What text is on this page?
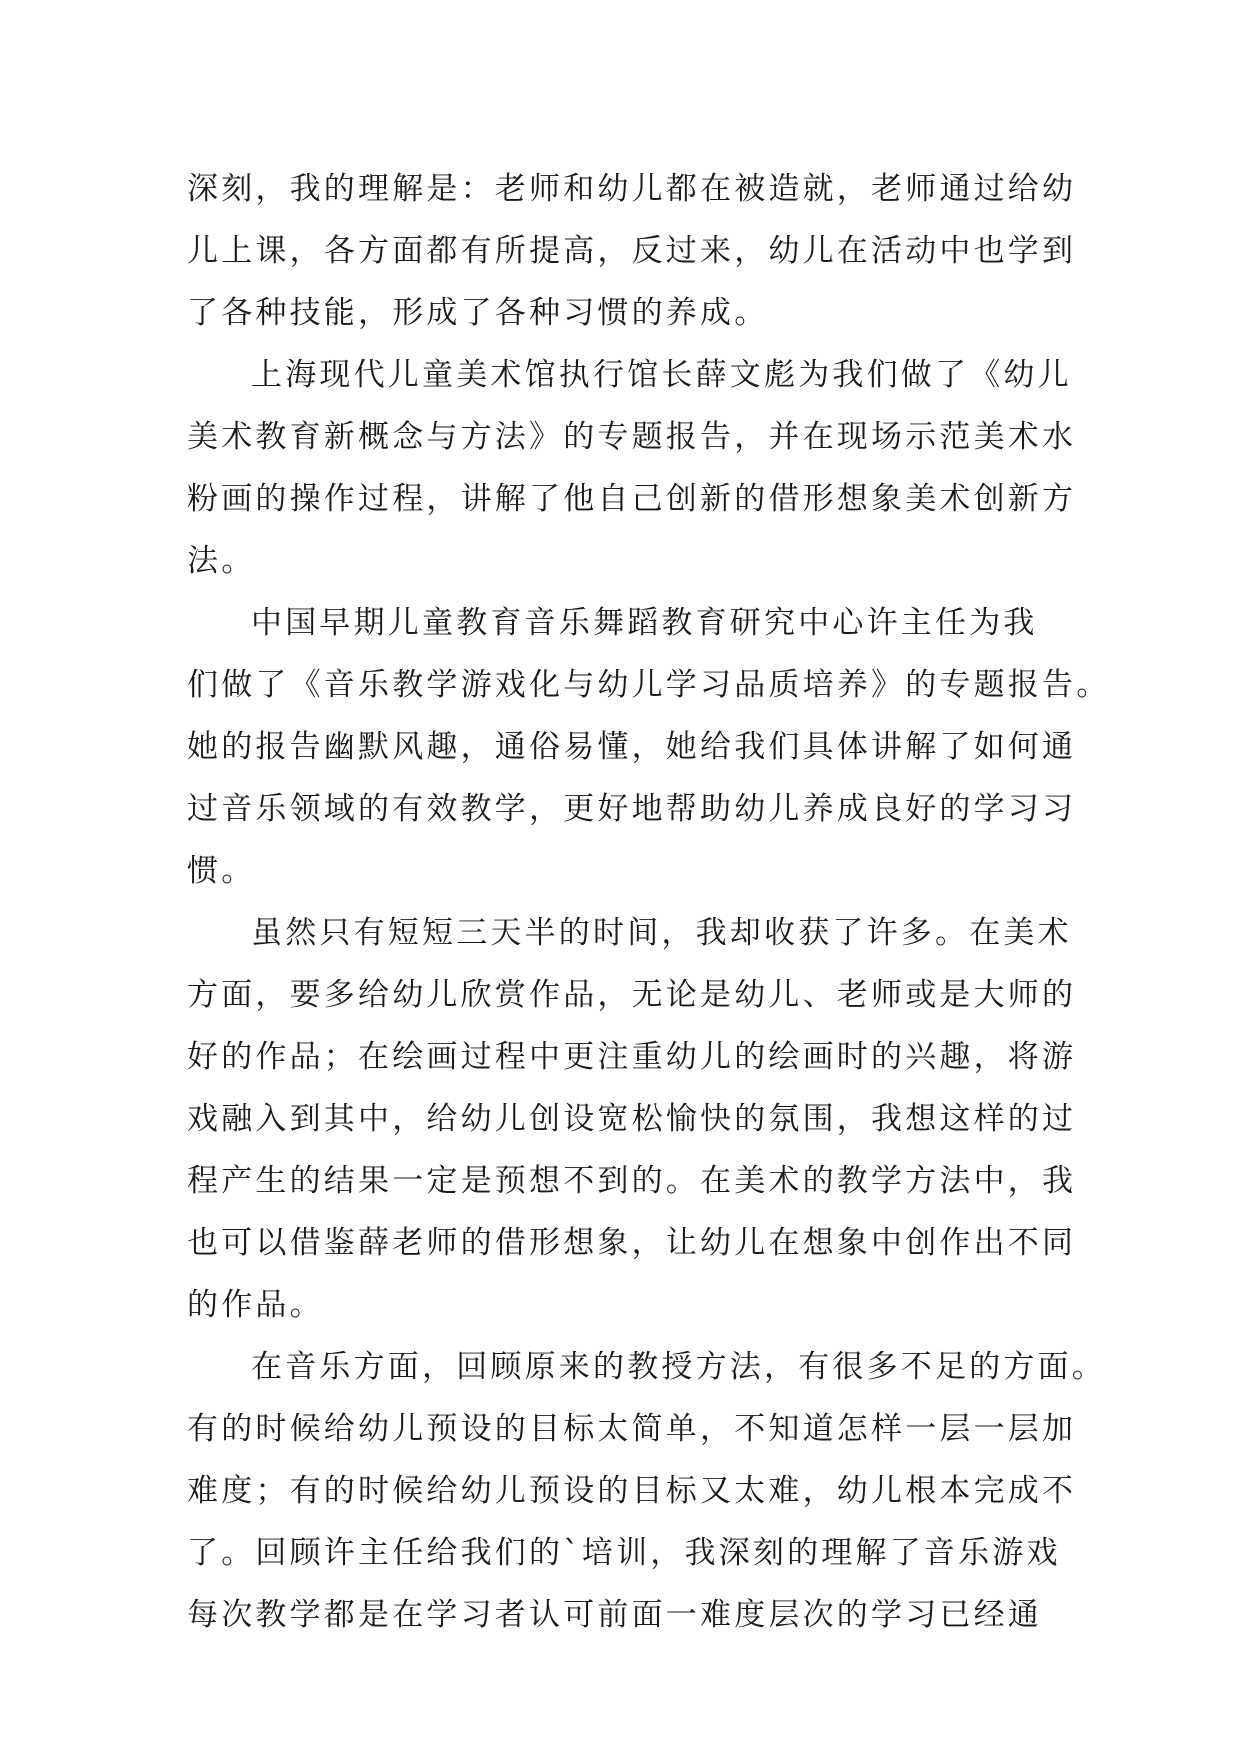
深刻，我的理解是：老师和幼儿都在被造就，老师通过给幼
儿上课，各方面都有所提高，反过来，幼儿在活动中也学到
了各种技能，形成了各种习惯的养成。
上海现代儿童美术馆执行馆长薛文彪为我们做了《幼儿
美术教育新概念与方法》的专题报告，并在现场示范美术水
粉画的操作过程，讲解了他自己创新的借形想象美术创新方
法。
中国早期儿童教育音乐舞蹈教育研究中心许主任为我
们做了《音乐教学游戏化与幼儿学习品质培养》的专题报告。
她的报告幽默风趣，通俗易懂，她给我们具体讲解了如何通
过音乐领域的有效教学，更好地帮助幼儿养成良好的学习习
惯。
虽然只有短短三天半的时间，我却收获了许多。在美术
方面，要多给幼儿欣赏作品，无论是幼儿、老师或是大师的
好的作品；在绘画过程中更注重幼儿的绘画时的兴趣，将游
戏融入到其中，给幼儿创设宽松愉快的氛围，我想这样的过
程产生的结果一定是预想不到的。在美术的教学方法中，我
也可以借鉴薛老师的借形想象，让幼儿在想象中创作出不同
的作品。
在音乐方面，回顾原来的教授方法，有很多不足的方面。
有的时候给幼儿预设的目标太简单，不知道怎样一层一层加
难度；有的时候给幼儿预设的目标又太难，幼儿根本完成不
了。回顾许主任给我们的`培训，我深刻的理解了音乐游戏
每次教学都是在学习者认可前面一难度层次的学习已经通
